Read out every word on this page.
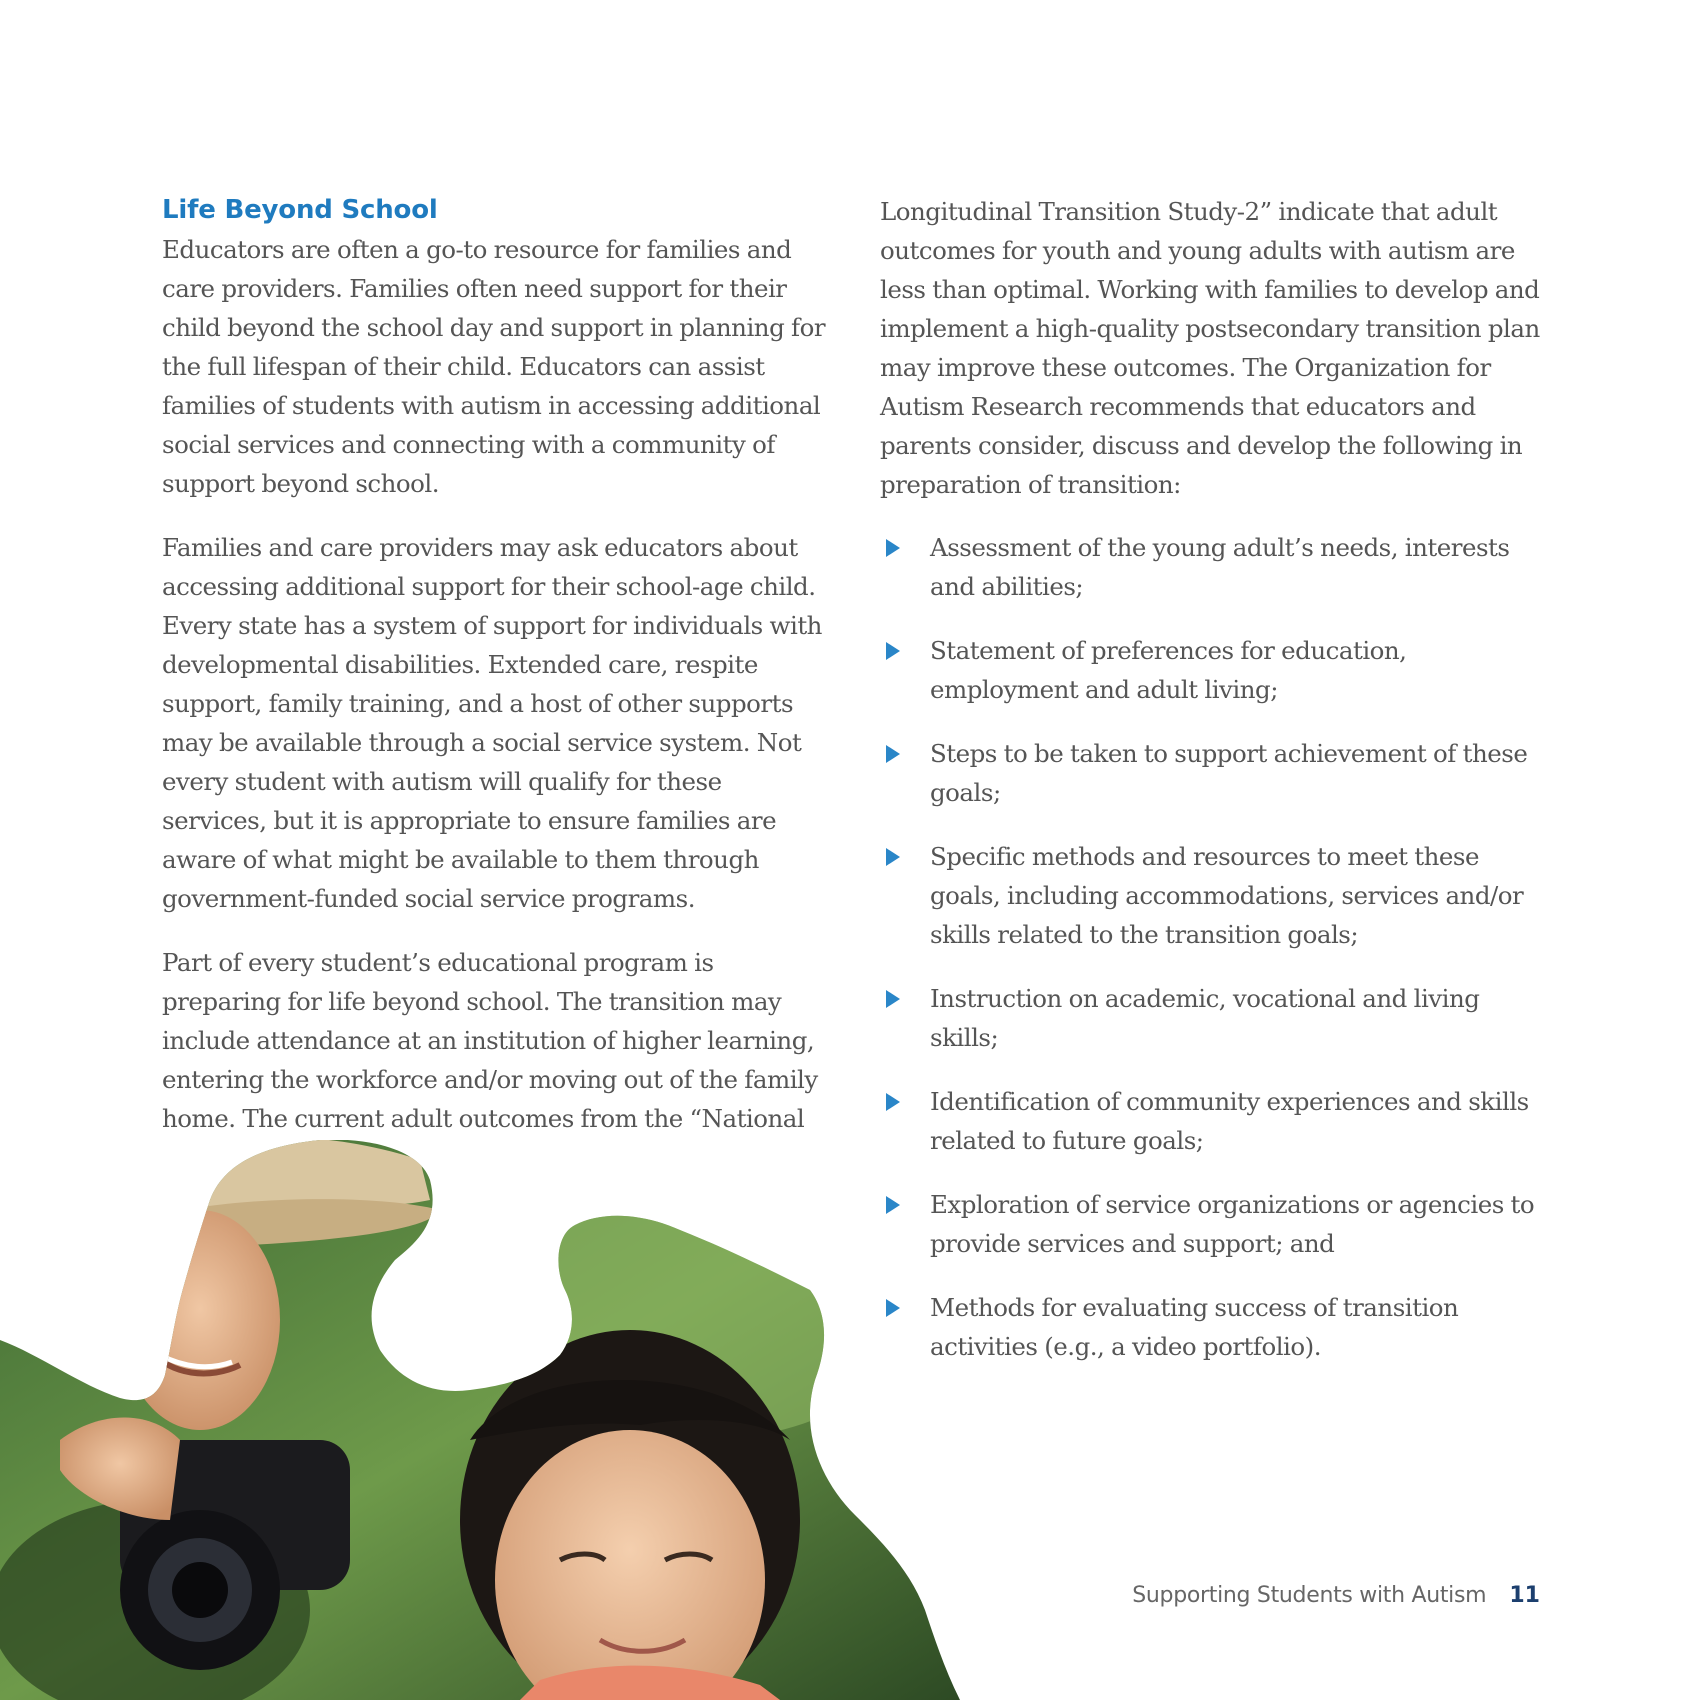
Life Beyond School

Educators are often a go-to resource for families and care providers. Families often need support for their child beyond the school day and support in planning for the full lifespan of their child. Educators can assist families of students with autism in accessing additional social services and connecting with a community of support beyond school.

Families and care providers may ask educators about accessing additional support for their school-age child. Every state has a system of support for individuals with developmental disabilities. Extended care, respite support, family training, and a host of other supports may be available through a social service system. Not every student with autism will qualify for these services, but it is appropriate to ensure families are aware of what might be available to them through government-funded social service programs.

Part of every student’s educational program is preparing for life beyond school. The transition may include attendance at an institution of higher learning, entering the workforce and/or moving out of the family home. The current adult outcomes from the “National

Longitudinal Transition Study-2” indicate that adult outcomes for youth and young adults with autism are less than optimal. Working with families to develop and implement a high-quality postsecondary transition plan may improve these outcomes. The Organization for Autism Research recommends that educators and parents consider, discuss and develop the following in preparation of transition:

Assessment of the young adult’s needs, interests and abilities;
Statement of preferences for education, employment and adult living;
Steps to be taken to support achievement of these goals;
Specific methods and resources to meet these goals, including accommodations, services and/or skills related to the transition goals;
Instruction on academic, vocational and living skills;
Identification of community experiences and skills related to future goals;
Exploration of service organizations or agencies to provide services and support; and
Methods for evaluating success of transition activities (e.g., a video portfolio).
Supporting Students with Autism 11
